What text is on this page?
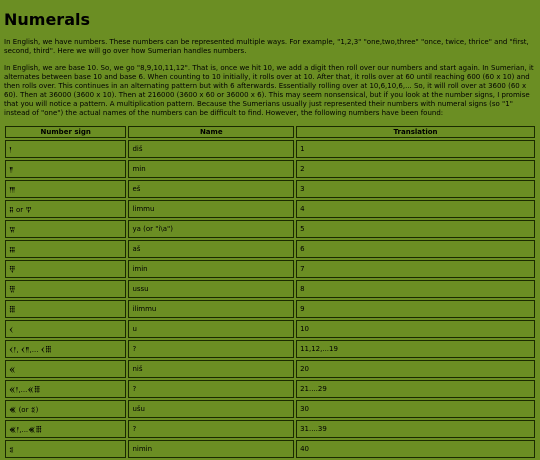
Numerals

In English, we have numbers. These numbers can be represented multiple ways. For example, "1,2,3" "one,two,three" "once, twice, thrice" and "first, second, third". Here we will go over how Sumerian handles numbers.

In English, we are base 10. So, we go "8,9,10,11,12". That is, once we hit 10, we add a digit then roll over our numbers and start again. In Sumerian, it alternates between base 10 and base 6. When counting to 10 initially, it rolls over at 10. After that, it rolls over at 60 until reaching 600 (60 x 10) and then rolls over. This continues in an alternating pattern but with 6 afterwards. Essentially rolling over at 10,6,10,6,... So, it will roll over at 3600 (60 x 60). Then at 36000 (3600 x 10). Then at 216000 (3600 x 60 or 36000 x 6). This may seem nonsensical, but if you look at the number signs, I promise that you will notice a pattern. A multiplication pattern. Because the Sumerians usually just represented their numbers with numeral signs (so "1" instead of "one") the actual names of the numbers can be difficult to find. However, the following numbers have been found:

Number sign	Name	Translation
𒁹	diš	1
𒈫	min	2
𒐈	eš	3
𒐉 or 𒐼	limmu	4
𒐊	ya (or "i\a")	5
𒐋	aš	6
𒑂	imin	7
𒑄	ussu	8
𒑆	ilimmu	9
𒌋	u	10
𒌋𒁹, 𒌋𒈫,... 𒌋𒑆	?	11,12,...19
𒎙	niš	20
𒎙𒁹,...𒎙𒑆	?	21....29
𒌍 (or 𒐏)	ušu	30
𒌍𒁹,...𒌍𒑆	?	31....39
𒐏	nimin	40
